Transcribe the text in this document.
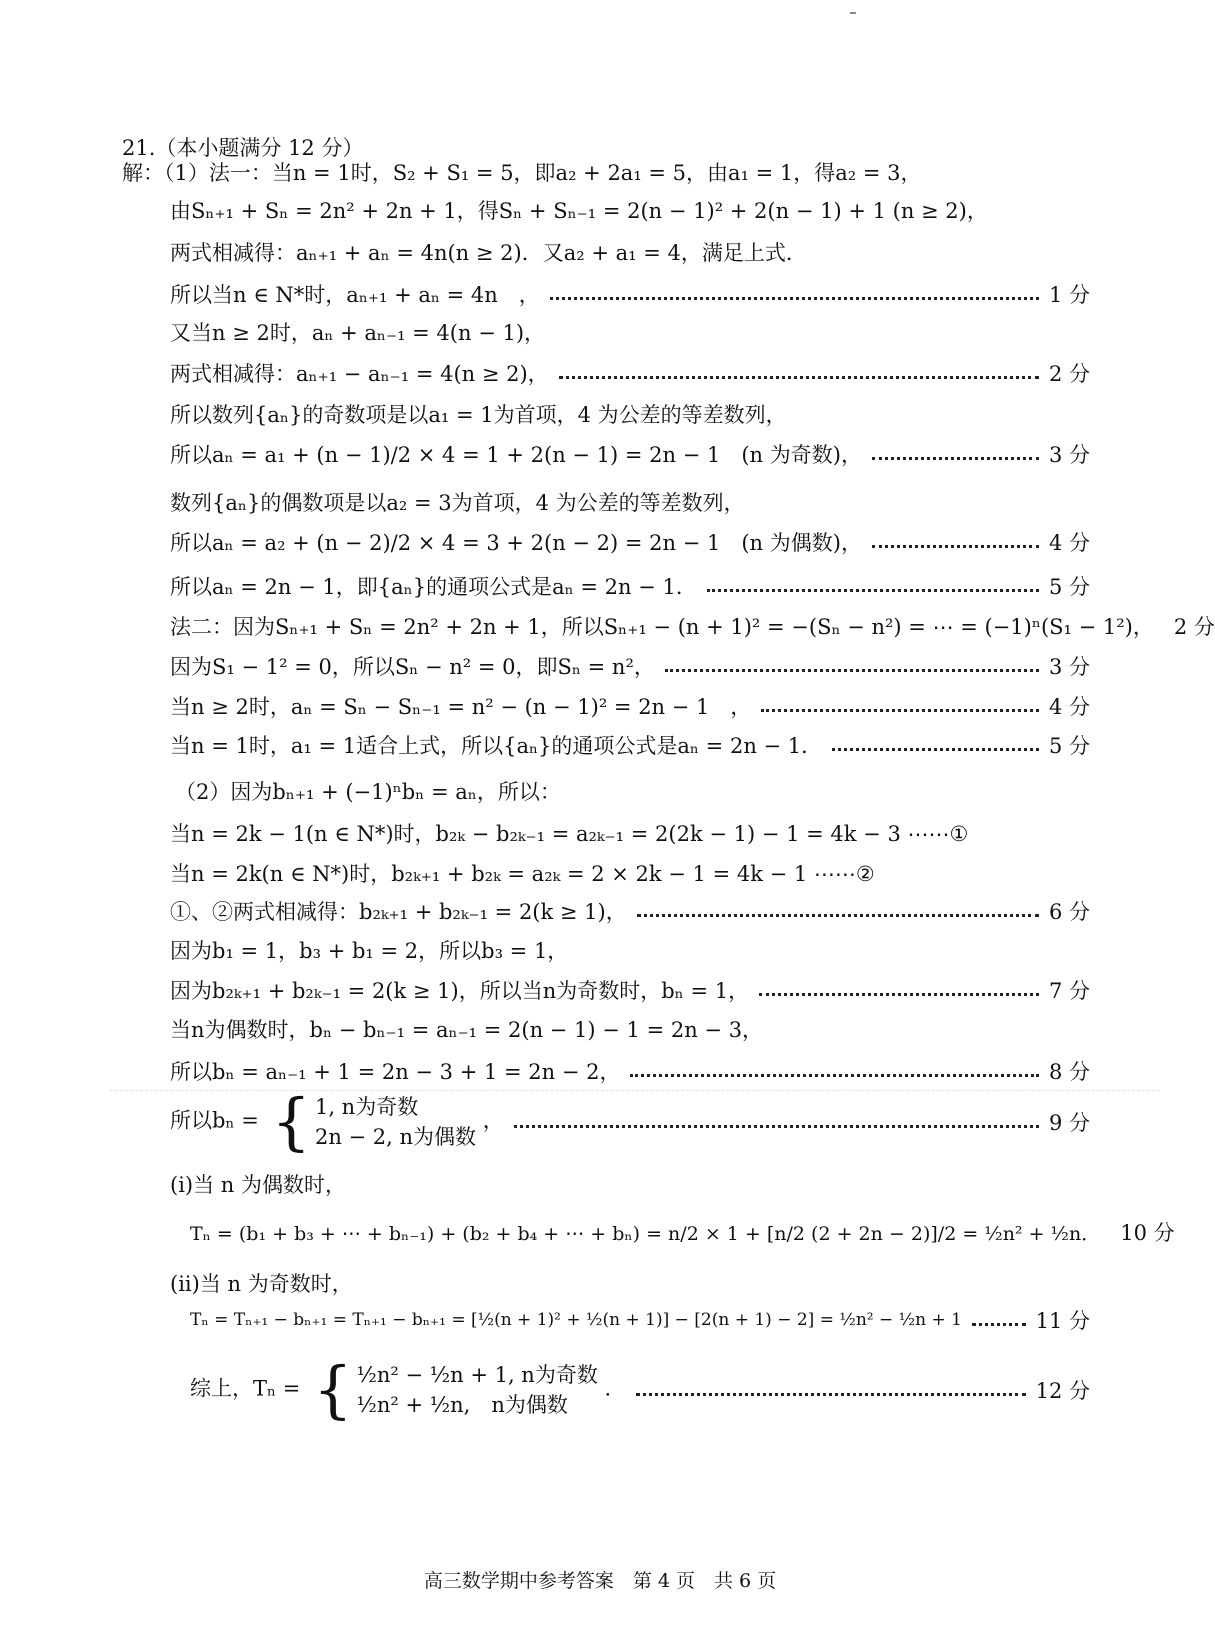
21.（本小题满分 12 分）
解：（1）法一：当n = 1时，S₂ + S₁ = 5，即a₂ + 2a₁ = 5，由a₁ = 1，得a₂ = 3，
由Sₙ₊₁ + Sₙ = 2n² + 2n + 1，得Sₙ + Sₙ₋₁ = 2(n − 1)² + 2(n − 1) + 1 (n ≥ 2)，
两式相减得：aₙ₊₁ + aₙ = 4n(n ≥ 2)．又a₂ + a₁ = 4，满足上式．
所以当n ∈ N*时，aₙ₊₁ + aₙ = 4n　，	1 分
又当n ≥ 2时，aₙ + aₙ₋₁ = 4(n − 1)，
两式相减得：aₙ₊₁ − aₙ₋₁ = 4(n ≥ 2)，	2 分
所以数列{aₙ}的奇数项是以a₁ = 1为首项，4 为公差的等差数列，
所以aₙ = a₁ + (n − 1)/2 × 4 = 1 + 2(n − 1) = 2n − 1　(n 为奇数)，	3 分
数列{aₙ}的偶数项是以a₂ = 3为首项，4 为公差的等差数列，
所以aₙ = a₂ + (n − 2)/2 × 4 = 3 + 2(n − 2) = 2n − 1　(n 为偶数)，	4 分
所以aₙ = 2n − 1，即{aₙ}的通项公式是aₙ = 2n − 1．	5 分
法二：因为Sₙ₊₁ + Sₙ = 2n² + 2n + 1，所以Sₙ₊₁ − (n + 1)² = −(Sₙ − n²) = ⋯ = (−1)ⁿ(S₁ − 1²)， 2 分
因为S₁ − 1² = 0，所以Sₙ − n² = 0，即Sₙ = n²，	3 分
当n ≥ 2时，aₙ = Sₙ − Sₙ₋₁ = n² − (n − 1)² = 2n − 1　，	4 分
当n = 1时，a₁ = 1适合上式，所以{aₙ}的通项公式是aₙ = 2n − 1．	5 分
（2）因为bₙ₊₁ + (−1)ⁿbₙ = aₙ，所以：
当n = 2k − 1(n ∈ N*)时，b₂ₖ − b₂ₖ₋₁ = a₂ₖ₋₁ = 2(2k − 1) − 1 = 4k − 3 ⋯⋯①
当n = 2k(n ∈ N*)时，b₂ₖ₊₁ + b₂ₖ = a₂ₖ = 2 × 2k − 1 = 4k − 1 ⋯⋯②
①、②两式相减得：b₂ₖ₊₁ + b₂ₖ₋₁ = 2(k ≥ 1)，	6 分
因为b₁ = 1，b₃ + b₁ = 2，所以b₃ = 1，
因为b₂ₖ₊₁ + b₂ₖ₋₁ = 2(k ≥ 1)，所以当n为奇数时，bₙ = 1，	7 分
当n为偶数时，bₙ − bₙ₋₁ = aₙ₋₁ = 2(n − 1) − 1 = 2n − 3，
所以bₙ = aₙ₋₁ + 1 = 2n − 3 + 1 = 2n − 2，	8 分
所以bₙ = { 1, n为奇数
2n − 2, n为偶数
，	9 分
(i)当 n 为偶数时，
Tₙ = (b₁ + b₃ + ⋯ + bₙ₋₁) + (b₂ + b₄ + ⋯ + bₙ) = n/2 × 1 + [n/2 (2 + 2n − 2)]/2 = ½n² + ½n． 10 分
(ii)当 n 为奇数时，
Tₙ = Tₙ₊₁ − bₙ₊₁ = Tₙ₊₁ − bₙ₊₁ = [½(n + 1)² + ½(n + 1)] − [2(n + 1) − 2] = ½n² − ½n + 1	11 分
综上，Tₙ = { ½n² − ½n + 1, n为奇数
½n² + ½n,　n为偶数
．	12 分
高三数学期中参考答案　第 4 页　共 6 页
